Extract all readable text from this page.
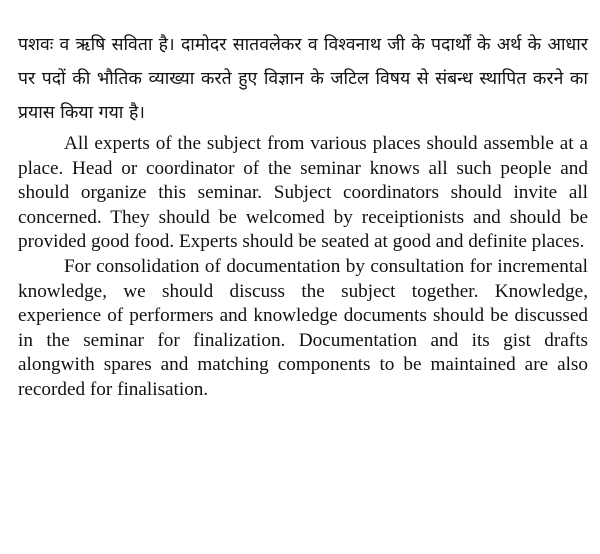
पशवः व ऋषि सविता है। दामोदर सातवलेकर व विश्वनाथ जी के पदार्थों के अर्थ के आधार पर पदों की भौतिक व्याख्या करते हुए विज्ञान के जटिल विषय से संबन्ध स्थापित करने का प्रयास किया गया है।

All experts of the subject from various places should assemble at a place. Head or coordinator of the seminar knows all such people and should organize this seminar. Subject coordinators should invite all concerned. They should be welcomed by receiptionists and should be provided good food. Experts should be seated at good and definite places.

For consolidation of documentation by consultation for incremental knowledge, we should discuss the subject together. Knowledge, experience of performers and knowledge documents should be discussed in the seminar for finalization. Documentation and its gist drafts alongwith spares and matching components to be maintained are also recorded for finalisation.
